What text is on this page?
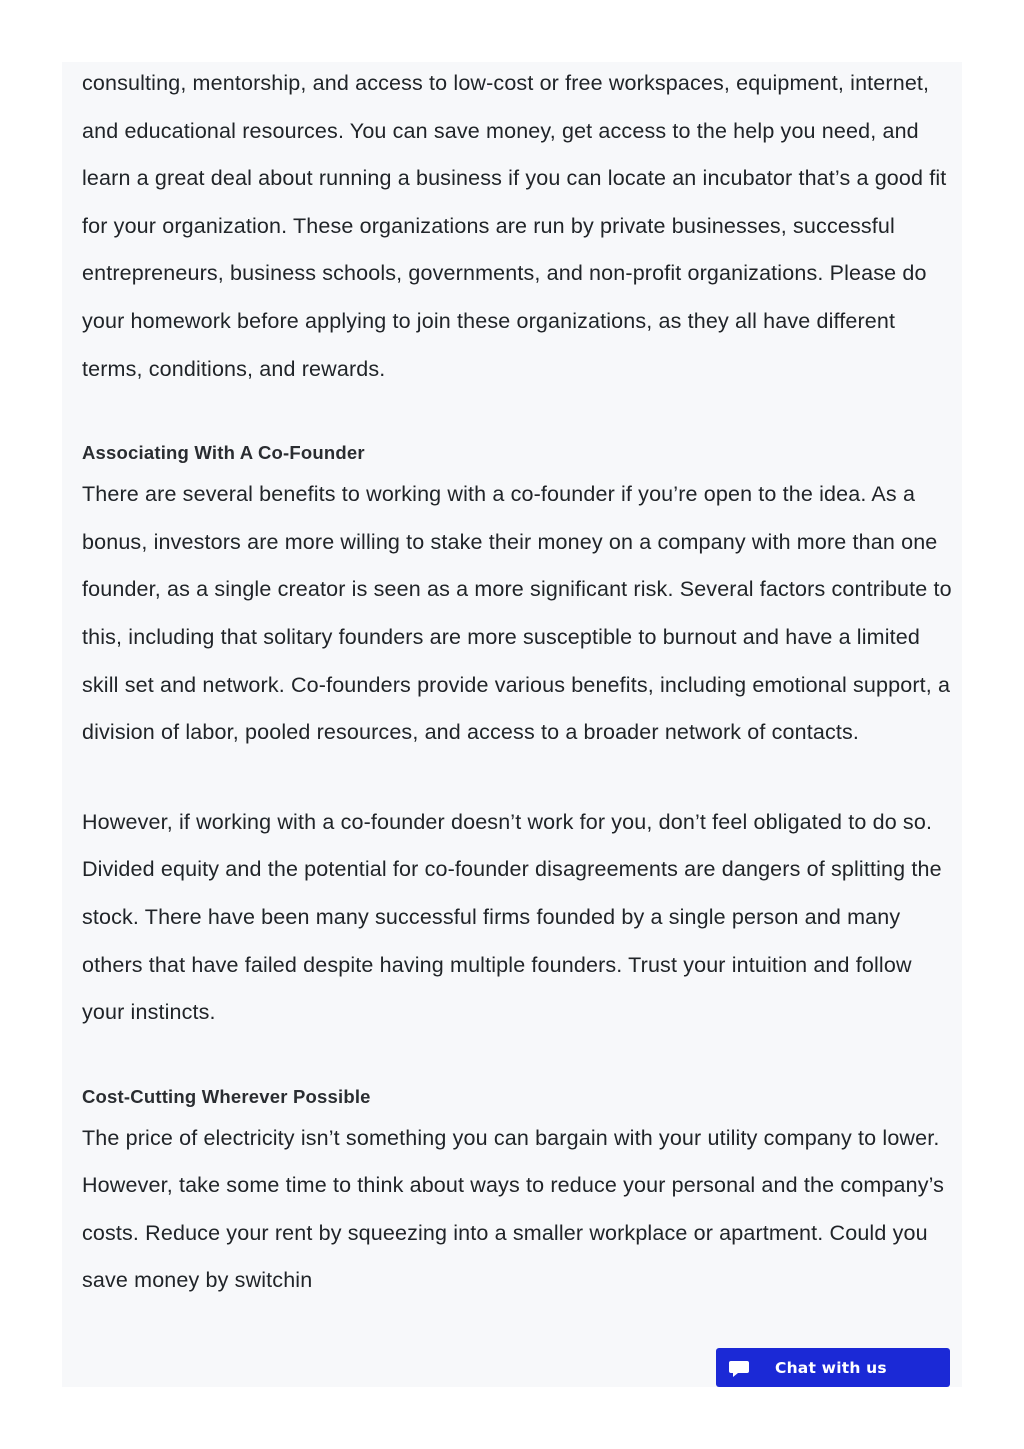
consulting, mentorship, and access to low-cost or free workspaces, equipment, internet, and educational resources. You can save money, get access to the help you need, and learn a great deal about running a business if you can locate an incubator that’s a good fit for your organization. These organizations are run by private businesses, successful entrepreneurs, business schools, governments, and non-profit organizations. Please do your homework before applying to join these organizations, as they all have different terms, conditions, and rewards.

Associating With A Co-Founder

There are several benefits to working with a co-founder if you’re open to the idea. As a bonus, investors are more willing to stake their money on a company with more than one founder, as a single creator is seen as a more significant risk. Several factors contribute to this, including that solitary founders are more susceptible to burnout and have a limited skill set and network. Co-founders provide various benefits, including emotional support, a division of labor, pooled resources, and access to a broader network of contacts.

However, if working with a co-founder doesn’t work for you, don’t feel obligated to do so. Divided equity and the potential for co-founder disagreements are dangers of splitting the stock. There have been many successful firms founded by a single person and many others that have failed despite having multiple founders. Trust your intuition and follow your instincts.

Cost-Cutting Wherever Possible

The price of electricity isn’t something you can bargain with your utility company to lower. However, take some time to think about ways to reduce your personal and the company’s costs. Reduce your rent by squeezing into a smaller workplace or apartment. Could you save money by switchin

Chat with us
